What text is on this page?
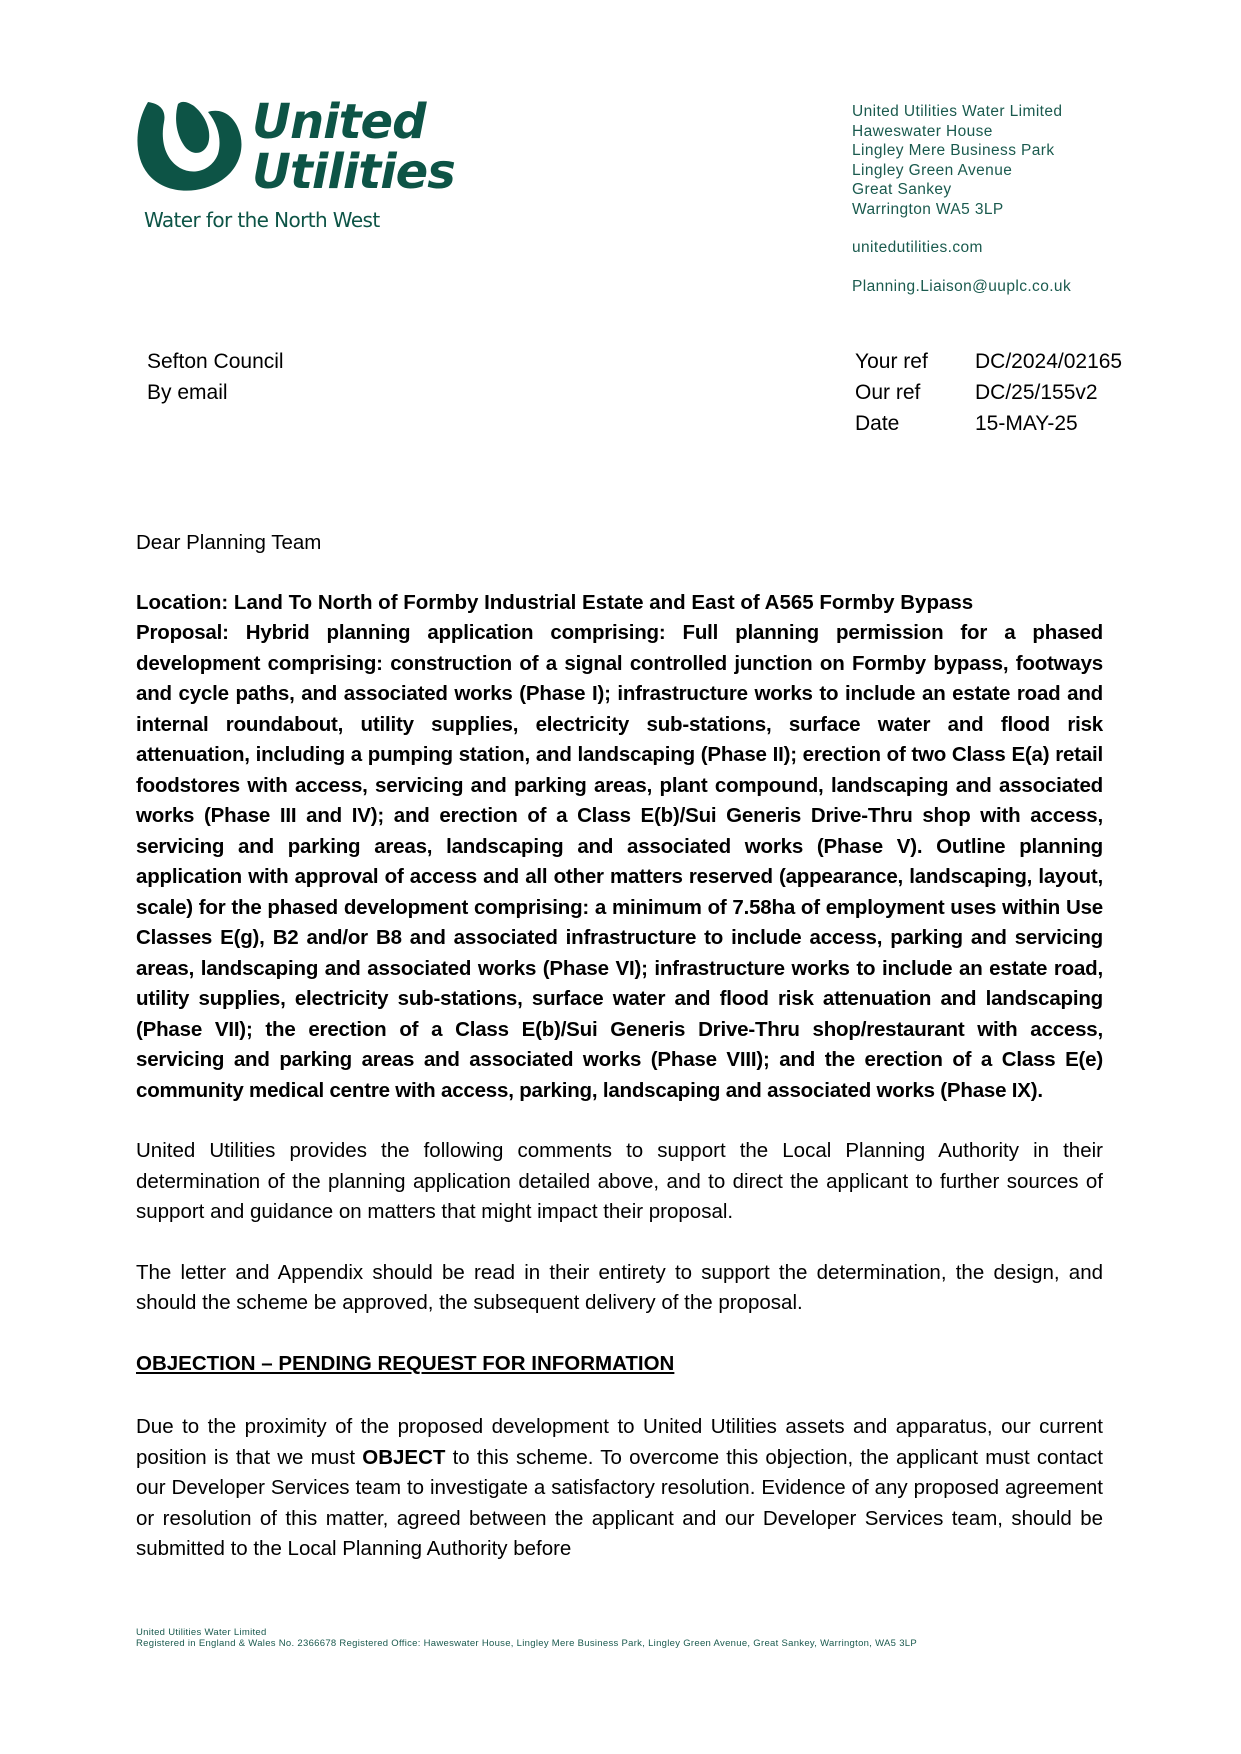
United
Utilities
Water for the North West
United Utilities Water Limited
Haweswater House
Lingley Mere Business Park
Lingley Green Avenue
Great Sankey
Warrington WA5 3LP
unitedutilities.com
Planning.Liaison@uuplc.co.uk
Sefton Council
By email
Your ref	DC/2024/02165
Our ref	DC/25/155v2
Date	15-MAY-25

Dear Planning Team

Location: Land To North of Formby Industrial Estate and East of A565 Formby Bypass

Proposal: Hybrid planning application comprising: Full planning permission for a phased development comprising: construction of a signal controlled junction on Formby bypass, footways and cycle paths, and associated works (Phase I); infrastructure works to include an estate road and internal roundabout, utility supplies, electricity sub-stations, surface water and flood risk attenuation, including a pumping station, and landscaping (Phase II); erection of two Class E(a) retail foodstores with access, servicing and parking areas, plant compound, landscaping and associated works (Phase III and IV); and erection of a Class E(b)/Sui Generis Drive-Thru shop with access, servicing and parking areas, landscaping and associated works (Phase V). Outline planning application with approval of access and all other matters reserved (appearance, landscaping, layout, scale) for the phased development comprising: a minimum of 7.58ha of employment uses within Use Classes E(g), B2 and/or B8 and associated infrastructure to include access, parking and servicing areas, landscaping and associated works (Phase VI); infrastructure works to include an estate road, utility supplies, electricity sub-stations, surface water and flood risk attenuation and landscaping (Phase VII); the erection of a Class E(b)/Sui Generis Drive-Thru shop/restaurant with access, servicing and parking areas and associated works (Phase VIII); and the erection of a Class E(e) community medical centre with access, parking, landscaping and associated works (Phase IX).

United Utilities provides the following comments to support the Local Planning Authority in their determination of the planning application detailed above, and to direct the applicant to further sources of support and guidance on matters that might impact their proposal.

The letter and Appendix should be read in their entirety to support the determination, the design, and should the scheme be approved, the subsequent delivery of the proposal.

OBJECTION – PENDING REQUEST FOR INFORMATION

Due to the proximity of the proposed development to United Utilities assets and apparatus, our current position is that we must OBJECT to this scheme. To overcome this objection, the applicant must contact our Developer Services team to investigate a satisfactory resolution. Evidence of any proposed agreement or resolution of this matter, agreed between the applicant and our Developer Services team, should be submitted to the Local Planning Authority before

United Utilities Water Limited
Registered in England & Wales No. 2366678 Registered Office: Haweswater House, Lingley Mere Business Park, Lingley Green Avenue, Great Sankey, Warrington, WA5 3LP
